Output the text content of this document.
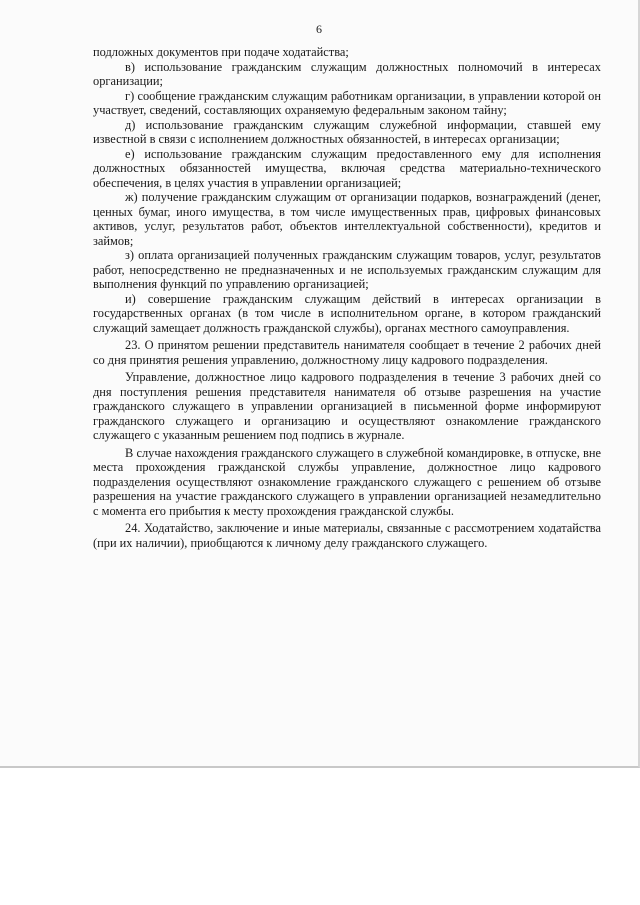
6

подложных документов при подаче ходатайства;

в) использование гражданским служащим должностных полномочий в интересах организации;

г) сообщение гражданским служащим работникам организации, в управлении которой он участвует, сведений, составляющих охраняемую федеральным законом тайну;

д) использование гражданским служащим служебной информации, ставшей ему известной в связи с исполнением должностных обязанностей, в интересах организации;

е) использование гражданским служащим предоставленного ему для исполнения должностных обязанностей имущества, включая средства материально-технического обеспечения, в целях участия в управлении организацией;

ж) получение гражданским служащим от организации подарков, вознаграждений (денег, ценных бумаг, иного имущества, в том числе имущественных прав, цифровых финансовых активов, услуг, результатов работ, объектов интеллектуальной собственности), кредитов и займов;

з) оплата организацией полученных гражданским служащим товаров, услуг, результатов работ, непосредственно не предназначенных и не используемых гражданским служащим для выполнения функций по управлению организацией;

и) совершение гражданским служащим действий в интересах организации в государственных органах (в том числе в исполнительном органе, в котором гражданский служащий замещает должность гражданской службы), органах местного самоуправления.

23. О принятом решении представитель нанимателя сообщает в течение 2 рабочих дней со дня принятия решения управлению, должностному лицу кадрового подразделения.

Управление, должностное лицо кадрового подразделения в течение 3 рабочих дней со дня поступления решения представителя нанимателя об отзыве разрешения на участие гражданского служащего в управлении организацией в письменной форме информируют гражданского служащего и организацию и осуществляют ознакомление гражданского служащего с указанным решением под подпись в журнале.

В случае нахождения гражданского служащего в служебной командировке, в отпуске, вне места прохождения гражданской службы управление, должностное лицо кадрового подразделения осуществляют ознакомление гражданского служащего с решением об отзыве разрешения на участие гражданского служащего в управлении организацией незамедлительно с момента его прибытия к месту прохождения гражданской службы.

24. Ходатайство, заключение и иные материалы, связанные с рассмотрением ходатайства (при их наличии), приобщаются к личному делу гражданского служащего.
